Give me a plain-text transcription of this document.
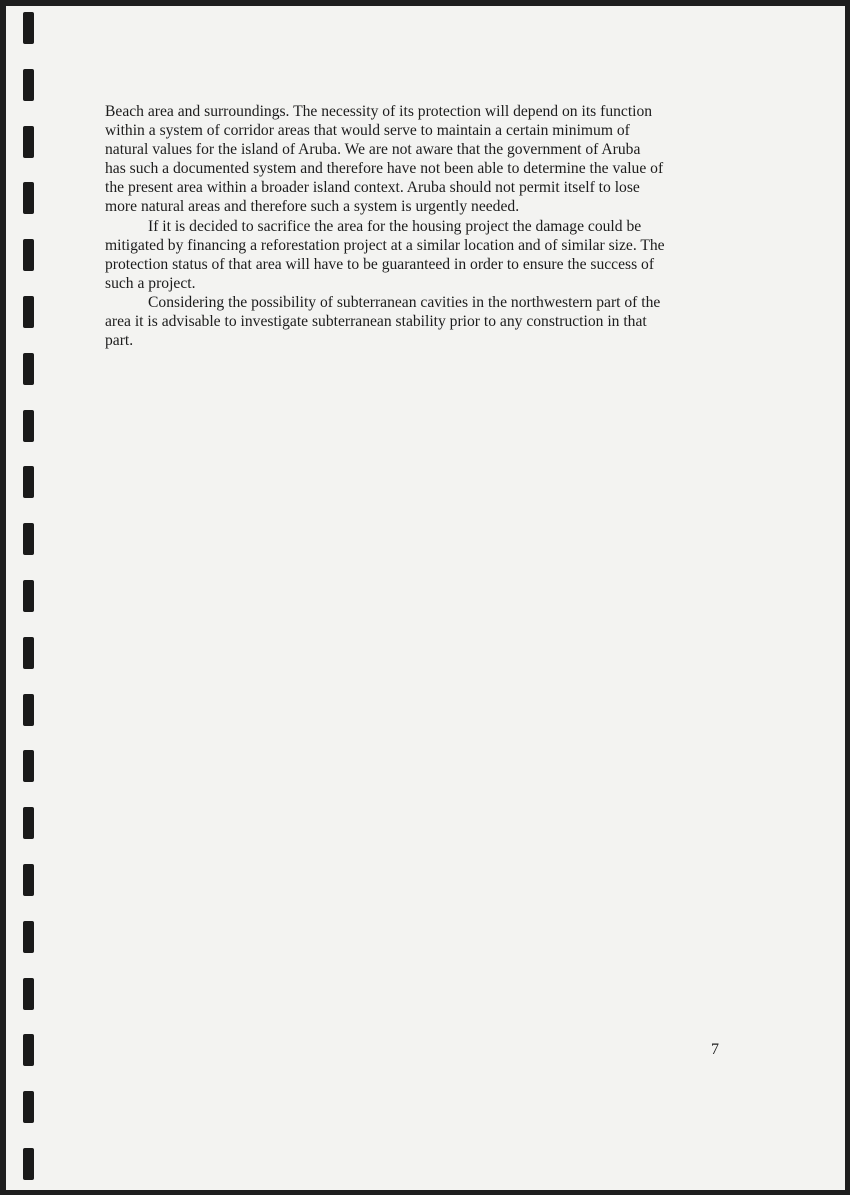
Beach area and surroundings. The necessity of its protection will depend on its function
within a system of corridor areas that would serve to maintain a certain minimum of
natural values for the island of Aruba. We are not aware that the government of Aruba
has such a documented system and therefore have not been able to determine the value of
the present area within a broader island context. Aruba should not permit itself to lose
more natural areas and therefore such a system is urgently needed.
If it is decided to sacrifice the area for the housing project the damage could be
mitigated by financing a reforestation project at a similar location and of similar size. The
protection status of that area will have to be guaranteed in order to ensure the success of
such a project.
Considering the possibility of subterranean cavities in the northwestern part of the
area it is advisable to investigate subterranean stability prior to any construction in that
part.
7
